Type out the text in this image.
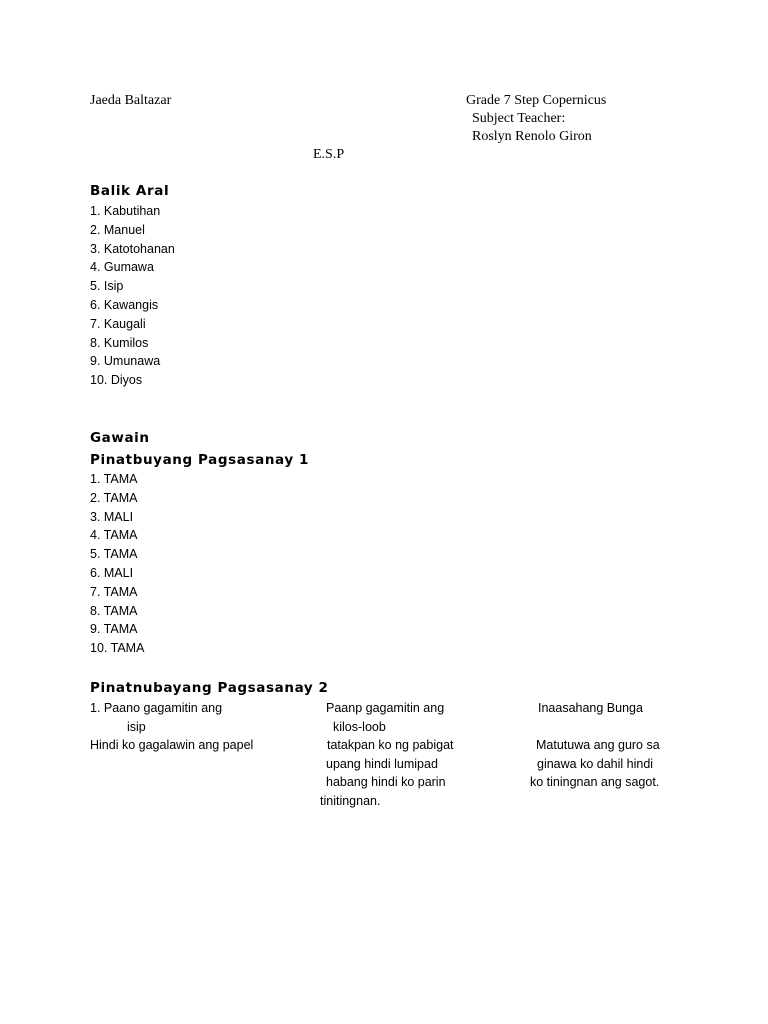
Jaeda Baltazar	Grade 7 Step Copernicus
Subject Teacher:
Roslyn Renolo Giron
E.S.P
Balik Aral
1. Kabutihan
2. Manuel
3. Katotohanan
4. Gumawa
5. Isip
6. Kawangis
7. Kaugali
8. Kumilos
9. Umunawa
10. Diyos
Gawain
Pinatbuyang Pagsasanay 1
1. TAMA
2. TAMA
3. MALI
4. TAMA
5. TAMA
6. MALI
7. TAMA
8. TAMA
9. TAMA
10. TAMA
Pinatnubayang Pagsasanay 2
1. Paano gagamitin ang
isip
Hindi ko gagalawin ang papel
Paanp gagamitin ang
kilos-loob
tatakpan ko ng pabigat
upang hindi lumipad
habang hindi ko parin
tinitingnan.
Inaasahang Bunga

Matutuwa ang guro sa
ginawa ko dahil hindi
ko tiningnan ang sagot.
